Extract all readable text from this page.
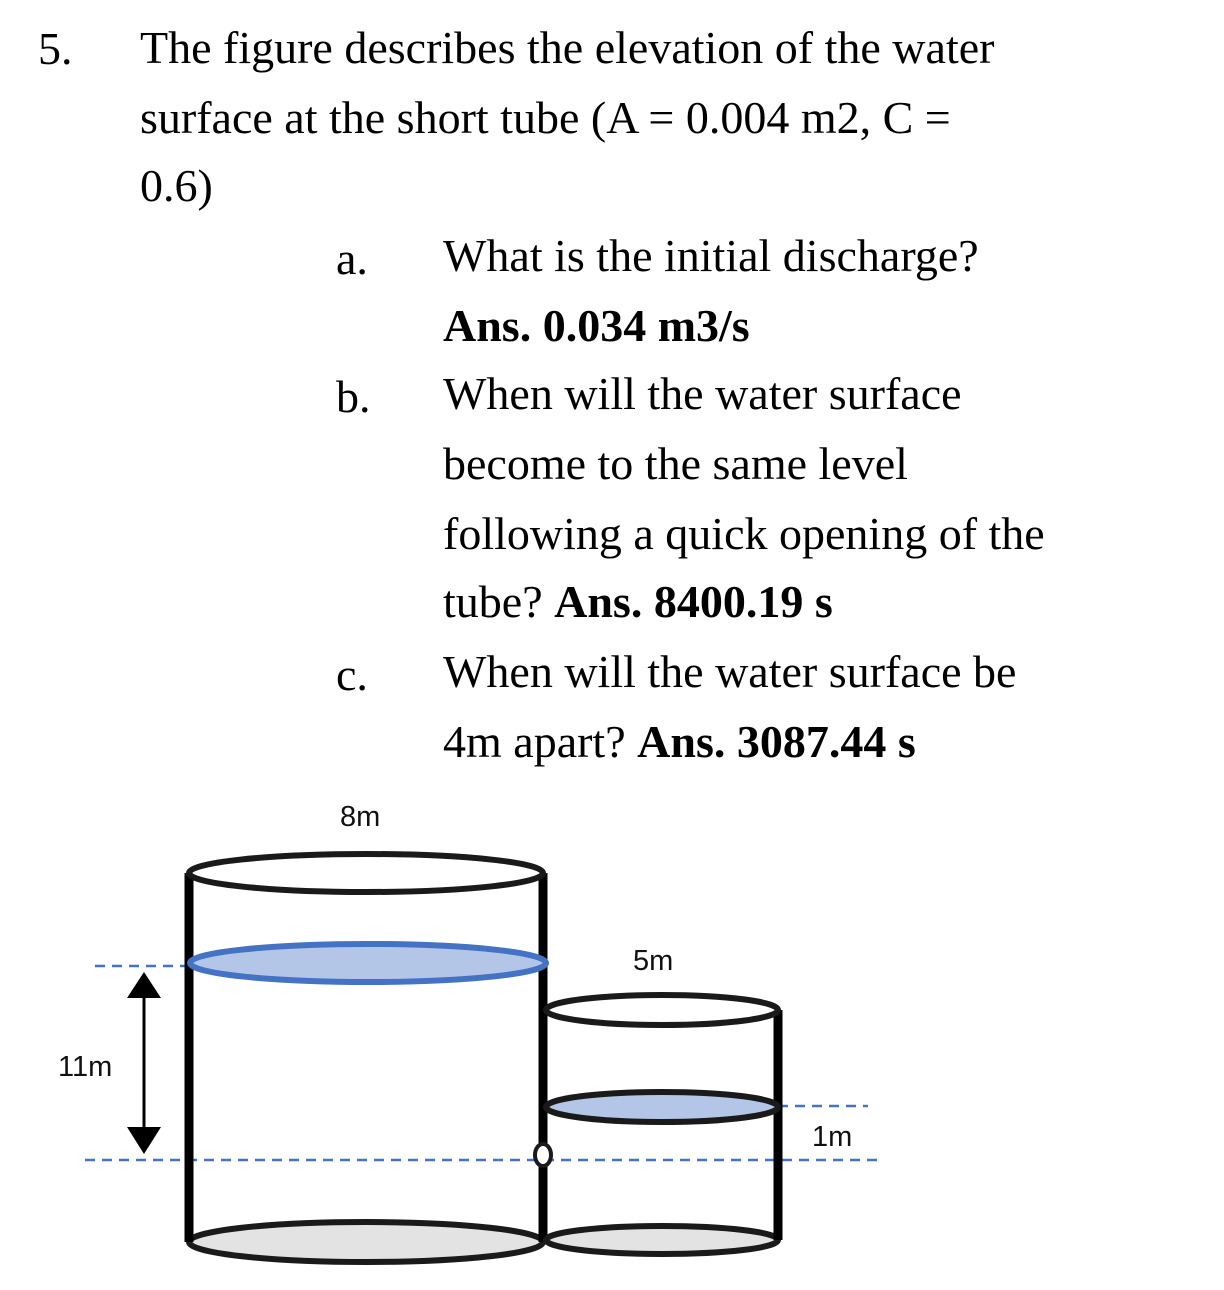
5. The figure describes the elevation of the water
surface at the short tube (A = 0.004 m2, C =
0.6)
a. What is the initial discharge?
Ans. 0.034 m3/s
b. When will the water surface
become to the same level
following a quick opening of the
tube? Ans. 8400.19 s
c. When will the water surface be
4m apart? Ans. 3087.44 s
8m
5m
11m
1m
